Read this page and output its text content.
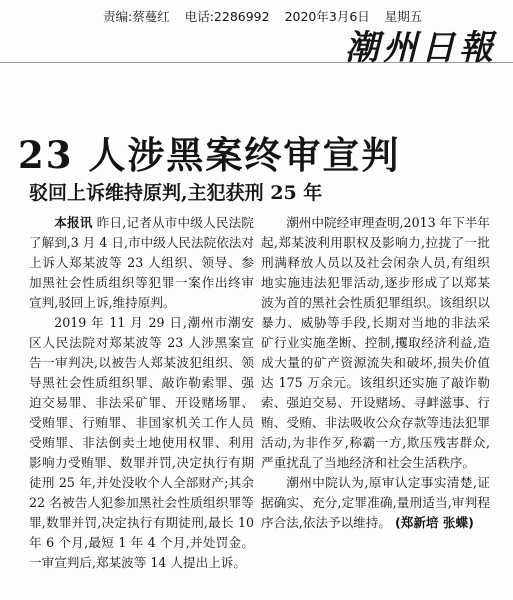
责编:蔡蔓红 电话:2286992 2020年3月6日 星期五
潮州日報
23 人涉黑案终审宣判
驳回上诉维持原判,主犯获刑 25 年

本报讯 昨日,记者从市中级人民法院了解到,3 月 4 日,市中级人民法院依法对上诉人郑某波等 23 人组织、领导、参加黑社会性质组织等犯罪一案作出终审宣判,驳回上诉,维持原判。

2019 年 11 月 29 日,潮州市潮安区人民法院对郑某波等 23 人涉黑案宣告一审判决,以被告人郑某波犯组织、领导黑社会性质组织罪、敲诈勒索罪、强迫交易罪、非法采矿罪、开设赌场罪、受贿罪、行贿罪、非国家机关工作人员受贿罪、非法倒卖土地使用权罪、利用影响力受贿罪、数罪并罚,决定执行有期徒刑 25 年,并处没收个人全部财产;其余 22 名被告人犯参加黑社会性质组织罪等罪,数罪并罚,决定执行有期徒刑,最长 10 年 6 个月,最短 1 年 4 个月,并处罚金。一审宣判后,郑某波等 14 人提出上诉。

潮州中院经审理查明,2013 年下半年起,郑某波利用职权及影响力,拉拢了一批刑满释放人员以及社会闲杂人员,有组织地实施违法犯罪活动,逐步形成了以郑某波为首的黑社会性质犯罪组织。该组织以暴力、威胁等手段,长期对当地的非法采矿行业实施垄断、控制,攫取经济利益,造成大量的矿产资源流失和破坏,损失价值达 175 万余元。该组织还实施了敲诈勒索、强迫交易、开设赌场、寻衅滋事、行贿、受贿、非法吸收公众存款等违法犯罪活动,为非作歹,称霸一方,欺压残害群众,严重扰乱了当地经济和社会生活秩序。

潮州中院认为,原审认定事实清楚,证据确实、充分,定罪准确,量刑适当,审判程序合法,依法予以维持。 (郑新培 张蝶)
